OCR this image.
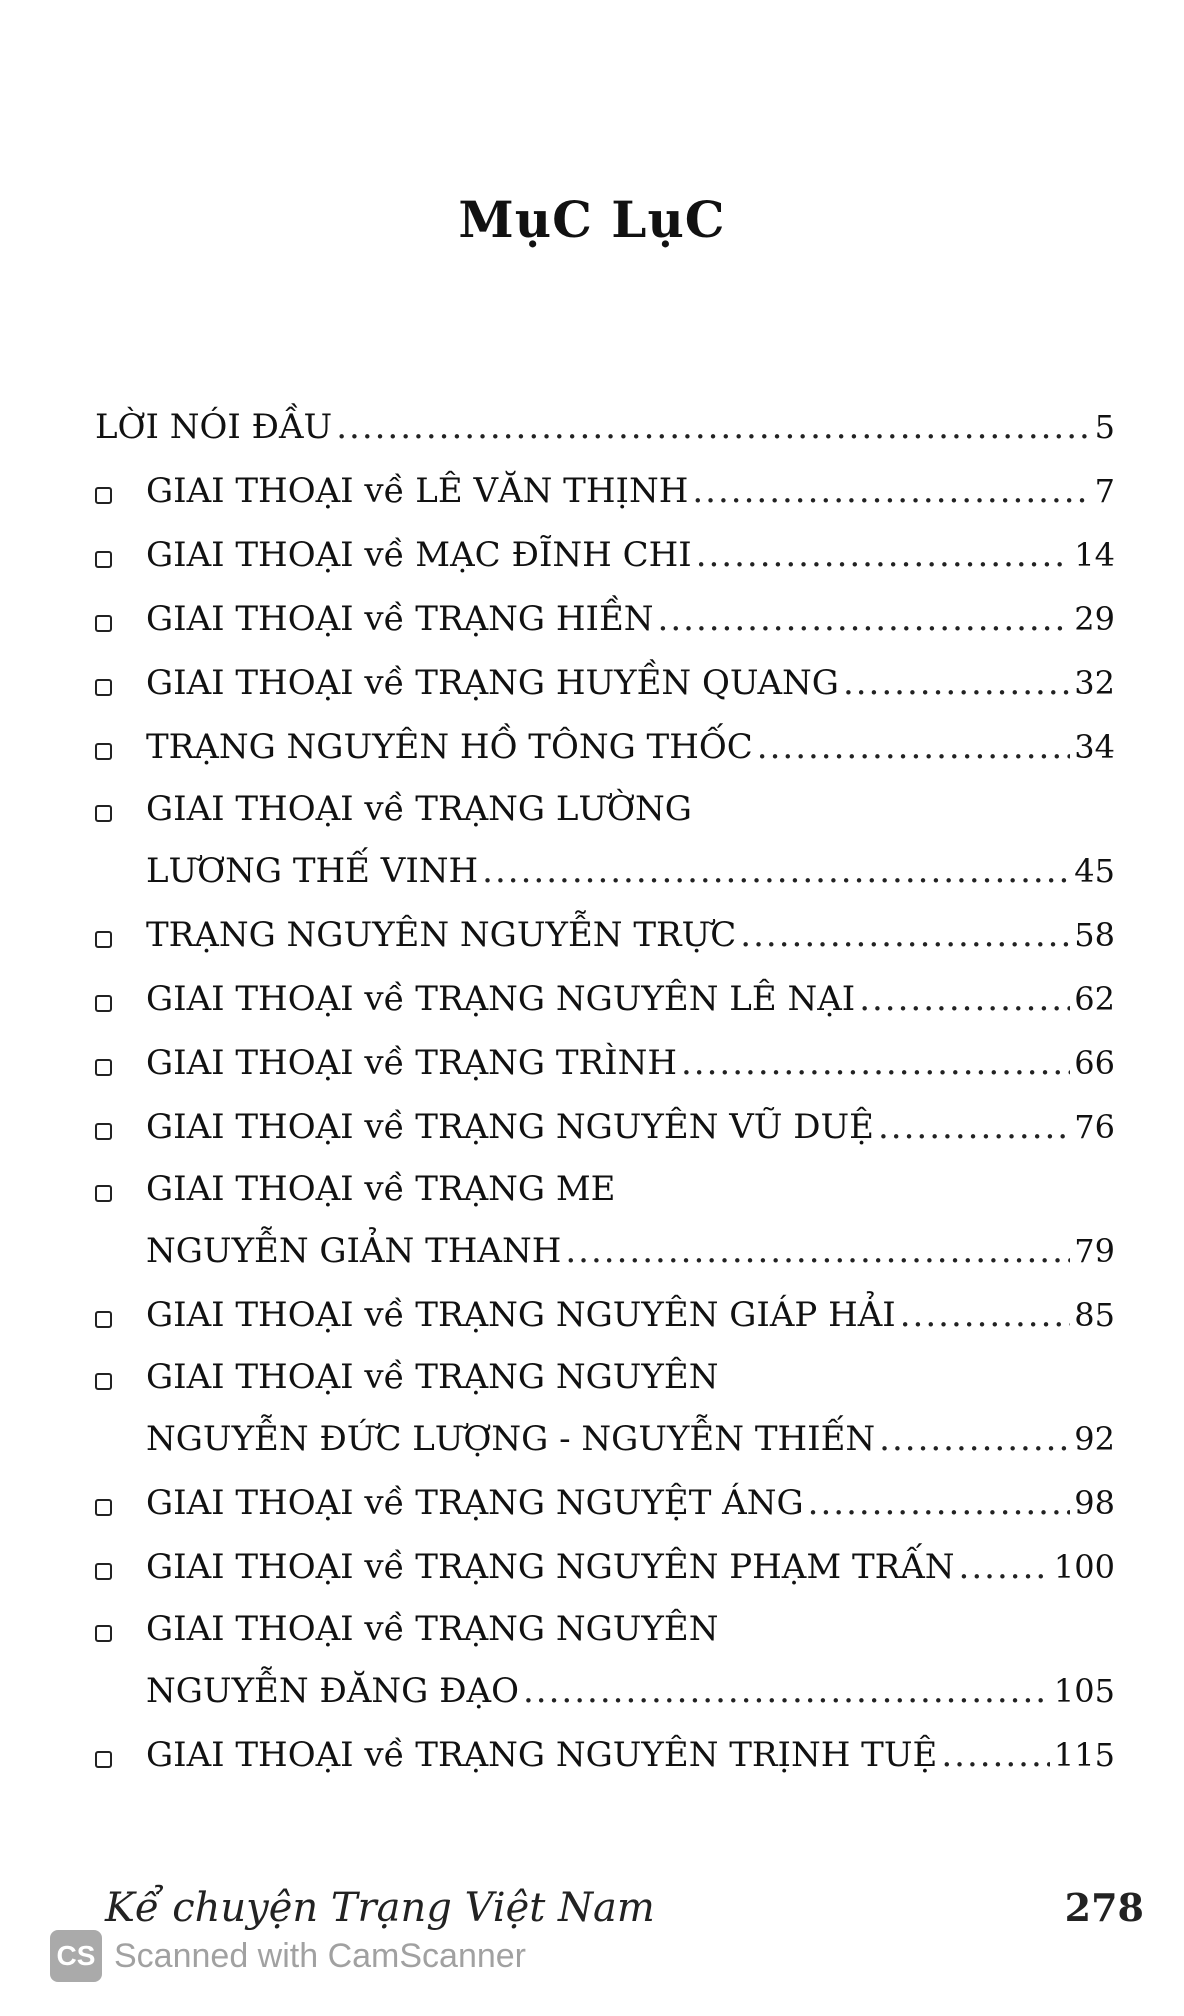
MụC LụC
LỜI NÓI ĐẦU .....	5
GIAI THOẠI về LÊ VĂN THỊNH .....	7
GIAI THOẠI về MẠC ĐĨNH CHI .....	14
GIAI THOẠI về TRẠNG HIỀN .....	29
GIAI THOẠI về TRẠNG HUYỀN QUANG .....	32
TRẠNG NGUYÊN HỒ TÔNG THỐC .....	34
GIAI THOẠI về TRẠNG LƯỜNG
LƯƠNG THẾ VINH .....	45
TRẠNG NGUYÊN NGUYỄN TRỰC .....	58
GIAI THOẠI về TRẠNG NGUYÊN LÊ NẠI .....	62
GIAI THOẠI về TRẠNG TRÌNH .....	66
GIAI THOẠI về TRẠNG NGUYÊN VŨ DUỆ .....	76
GIAI THOẠI về TRẠNG ME
NGUYỄN GIẢN THANH .....	79
GIAI THOẠI về TRẠNG NGUYÊN GIÁP HẢI .....	85
GIAI THOẠI về TRẠNG NGUYÊN
NGUYỄN ĐỨC LƯỢNG - NGUYỄN THIẾN .....	92
GIAI THOẠI về TRẠNG NGUYỆT ÁNG .....	98
GIAI THOẠI về TRẠNG NGUYÊN PHẠM TRẤN .....	100
GIAI THOẠI về TRẠNG NGUYÊN
NGUYỄN ĐĂNG ĐẠO .....	105
GIAI THOẠI về TRẠNG NGUYÊN TRỊNH TUỆ .....	115
Kể chuyện Trạng Việt Nam	278
CS Scanned with CamScanner
